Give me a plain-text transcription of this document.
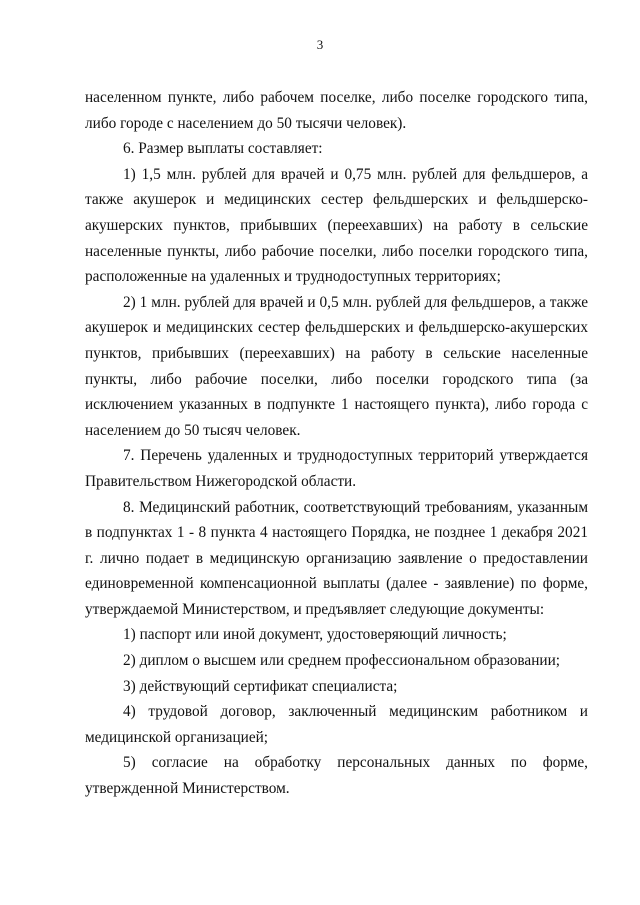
3

населенном пункте, либо рабочем поселке, либо поселке городского типа, либо городе с населением до 50 тысячи человек).

6. Размер выплаты составляет:

1) 1,5 млн. рублей для врачей и 0,75 млн. рублей для фельдшеров, а также акушерок и медицинских сестер фельдшерских и фельдшерско-акушерских пунктов, прибывших (переехавших) на работу в сельские населенные пункты, либо рабочие поселки, либо поселки городского типа, расположенные на удаленных и труднодоступных территориях;

2) 1 млн. рублей для врачей и 0,5 млн. рублей для фельдшеров, а также акушерок и медицинских сестер фельдшерских и фельдшерско-акушерских пунктов, прибывших (переехавших) на работу в сельские населенные пункты, либо рабочие поселки, либо поселки городского типа (за исключением указанных в подпункте 1 настоящего пункта), либо города с населением до 50 тысяч человек.

7. Перечень удаленных и труднодоступных территорий утверждается Правительством Нижегородской области.

8. Медицинский работник, соответствующий требованиям, указанным в подпунктах 1 - 8 пункта 4 настоящего Порядка, не позднее 1 декабря 2021 г. лично подает в медицинскую организацию заявление о предоставлении единовременной компенсационной выплаты (далее - заявление) по форме, утверждаемой Министерством, и предъявляет следующие документы:

1) паспорт или иной документ, удостоверяющий личность;

2) диплом о высшем или среднем профессиональном образовании;

3) действующий сертификат специалиста;

4) трудовой договор, заключенный медицинским работником и медицинской организацией;

5) согласие на обработку персональных данных по форме, утвержденной Министерством.
